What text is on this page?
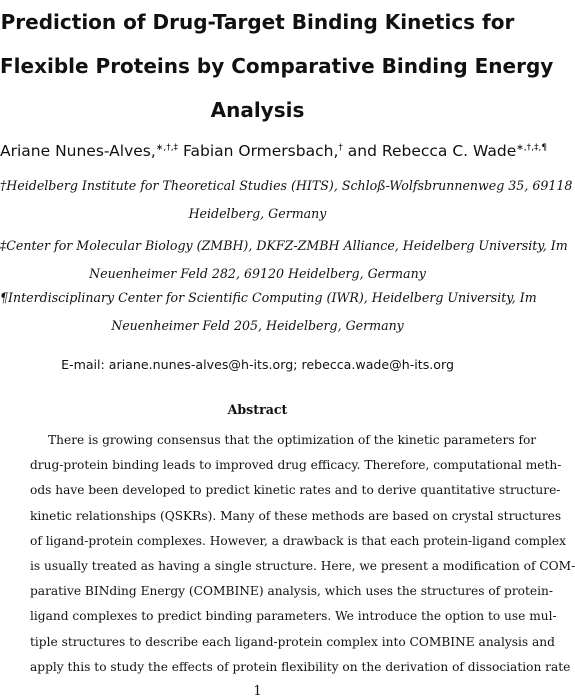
Prediction of Drug-Target Binding Kinetics for
Flexible Proteins by Comparative Binding Energy
Analysis
Ariane Nunes-Alves,∗,†,‡ Fabian Ormersbach,† and Rebecca C. Wade∗,†,‡,¶
†Heidelberg Institute for Theoretical Studies (HITS), Schloß-Wolfsbrunnenweg 35, 69118
Heidelberg, Germany
‡Center for Molecular Biology (ZMBH), DKFZ-ZMBH Alliance, Heidelberg University, Im
Neuenheimer Feld 282, 69120 Heidelberg, Germany
¶Interdisciplinary Center for Scientific Computing (IWR), Heidelberg University, Im
Neuenheimer Feld 205, Heidelberg, Germany
E-mail: ariane.nunes-alves@h-its.org; rebecca.wade@h-its.org
Abstract
There is growing consensus that the optimization of the kinetic parameters for
drug-protein binding leads to improved drug efficacy. Therefore, computational meth-
ods have been developed to predict kinetic rates and to derive quantitative structure-
kinetic relationships (QSKRs). Many of these methods are based on crystal structures
of ligand-protein complexes. However, a drawback is that each protein-ligand complex
is usually treated as having a single structure. Here, we present a modification of COM-
parative BINding Energy (COMBINE) analysis, which uses the structures of protein-
ligand complexes to predict binding parameters. We introduce the option to use mul-
tiple structures to describe each ligand-protein complex into COMBINE analysis and
apply this to study the effects of protein flexibility on the derivation of dissociation rate
1
